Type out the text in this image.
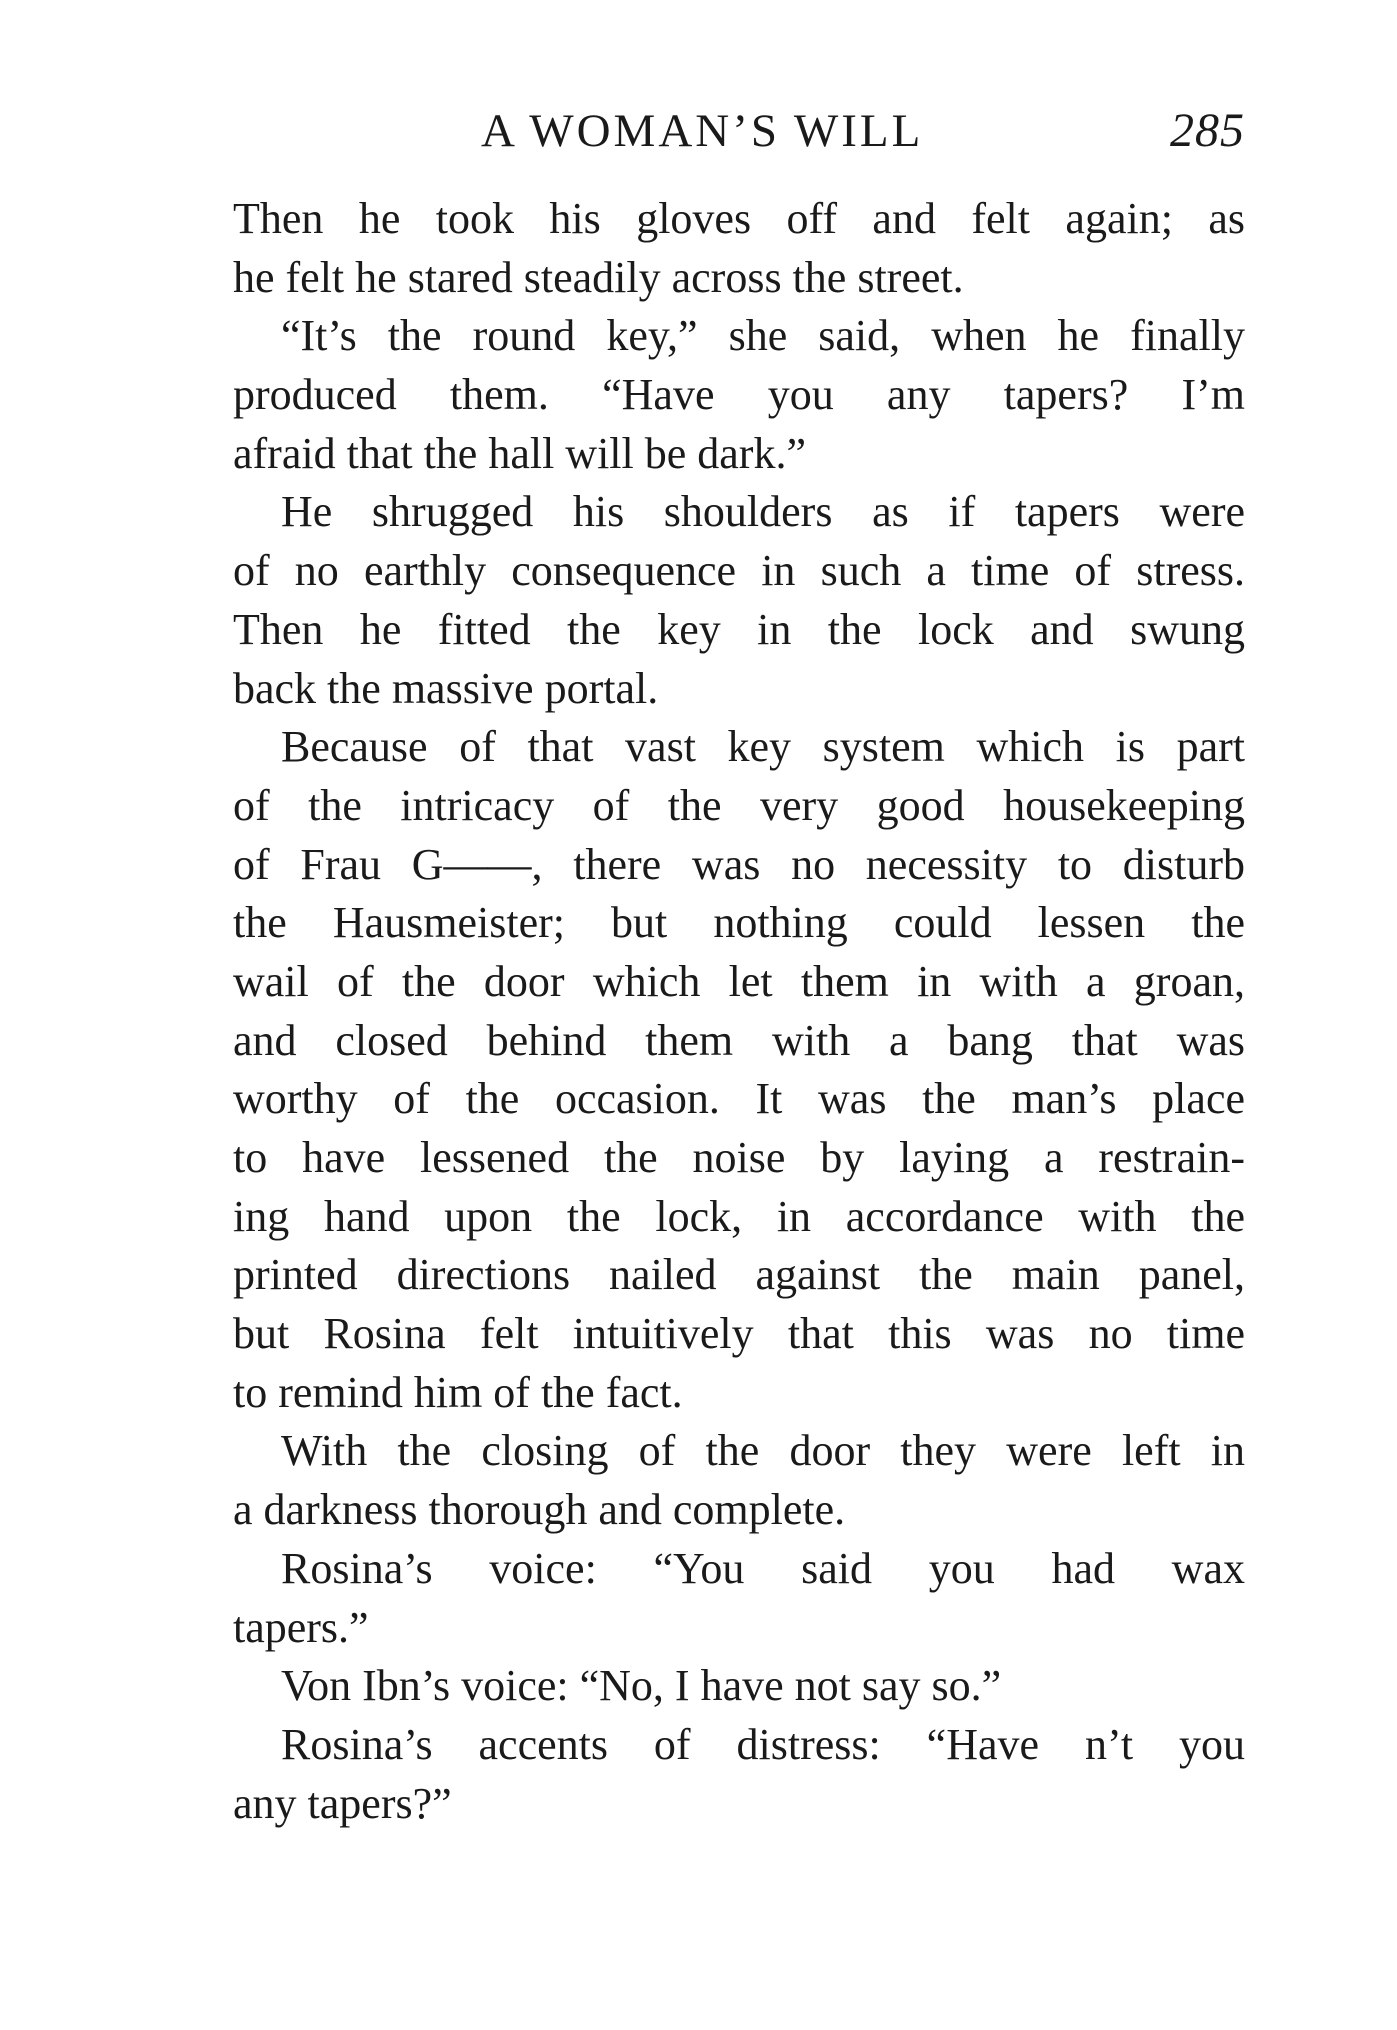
A WOMAN’S WILL	285
Then he took his gloves off and felt again; as
he felt he stared steadily across the street.
“It’s the round key,” she said, when he finally
produced them. “Have you any tapers? I’m
afraid that the hall will be dark.”
He shrugged his shoulders as if tapers were
of no earthly consequence in such a time of stress.
Then he fitted the key in the lock and swung
back the massive portal.
Because of that vast key system which is part
of the intricacy of the very good housekeeping
of Frau G——, there was no necessity to disturb
the Hausmeister; but nothing could lessen the
wail of the door which let them in with a groan,
and closed behind them with a bang that was
worthy of the occasion. It was the man’s place
to have lessened the noise by laying a restrain-
ing hand upon the lock, in accordance with the
printed directions nailed against the main panel,
but Rosina felt intuitively that this was no time
to remind him of the fact.
With the closing of the door they were left in
a darkness thorough and complete.
Rosina’s voice: “You said you had wax
tapers.”
Von Ibn’s voice: “No, I have not say so.”
Rosina’s accents of distress: “Have n’t you
any tapers?”
